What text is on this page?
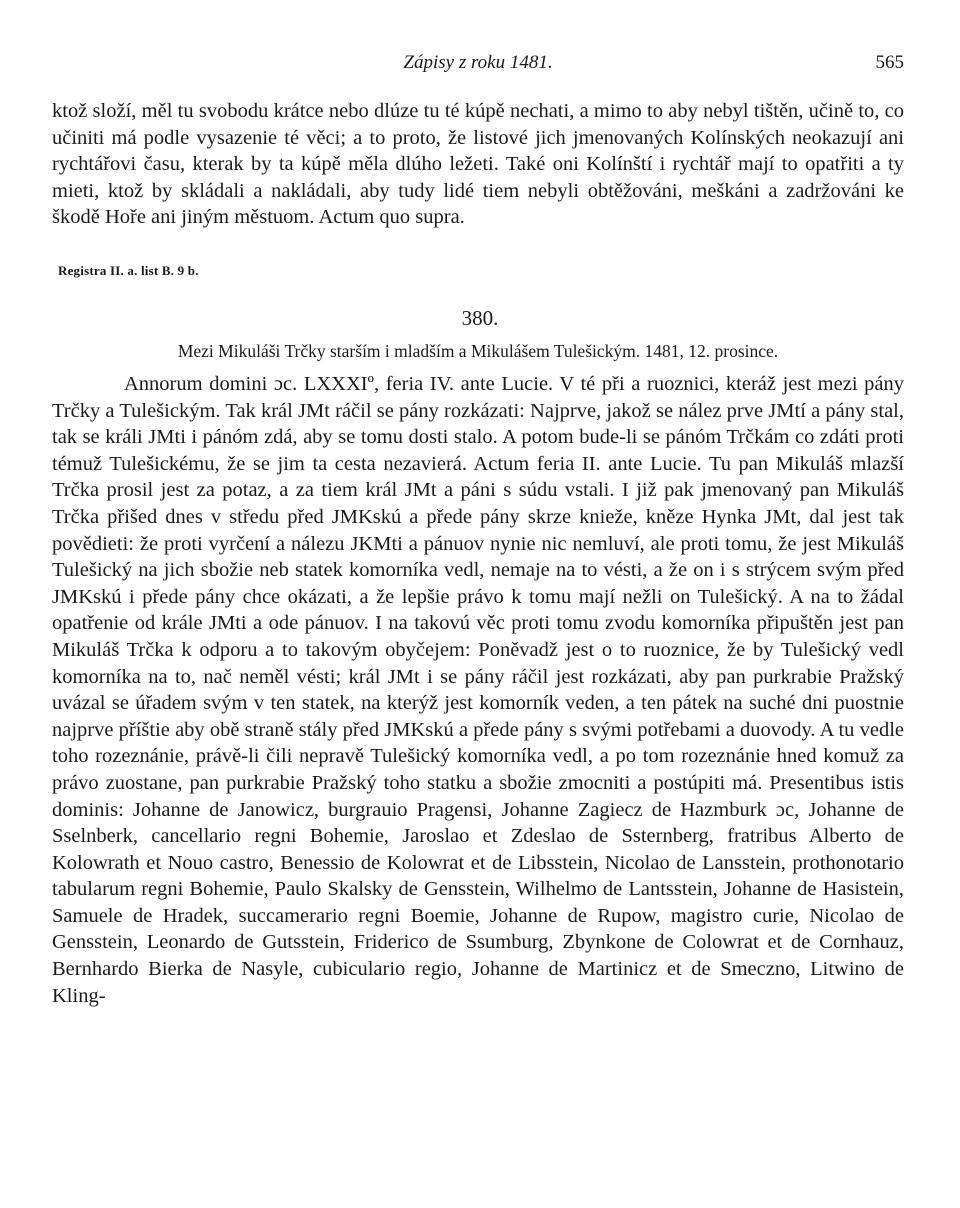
Zápisy z roku 1481.	565

ktož složí, měl tu svobodu krátce nebo dlúze tu té kúpě nechati, a mimo to aby nebyl tištěn, učině to, co učiniti má podle vysazenie té věci; a to proto, že listové jich jmenovaných Kolínských neokazují ani rychtářovi času, kterak by ta kúpě měla dlúho ležeti. Také oni Kolínští i rychtář mají to opatřiti a ty mieti, ktož by skládali a nakládali, aby tudy lidé tiem nebyli obtěžováni, meškáni a zadržováni ke škodě Hoře ani jiným městuom. Actum quo supra.

Registra II. a. list B. 9 b.
380.
Mezi Mikuláši Trčky starším i mladším a Mikulášem Tulešickým. 1481, 12. prosince.

Annorum domini ɔc. LXXXIº, feria IV. ante Lucie. V té při a ruoznici, kteráž jest mezi pány Trčky a Tulešickým. Tak král JMt ráčil se pány rozkázati: Najprve, jakož se nález prve JMtí a pány stal, tak se králi JMti i pánóm zdá, aby se tomu dosti stalo. A potom bude-li se pánóm Trčkám co zdáti proti témuž Tulešickému, že se jim ta cesta nezavierá. Actum feria II. ante Lucie. Tu pan Mikuláš mlazší Trčka prosil jest za potaz, a za tiem král JMt a páni s súdu vstali. I již pak jmenovaný pan Mikuláš Trčka přišed dnes v středu před JMKskú a přede pány skrze knieže, kněze Hynka JMt, dal jest tak povědieti: že proti vyrčení a nálezu JKMti a pánuov nynie nic nemluví, ale proti tomu, že jest Mikuláš Tulešický na jich sbožie neb statek komorníka vedl, nemaje na to vésti, a že on i s strýcem svým před JMKskú i přede pány chce okázati, a že lepšie právo k tomu mají nežli on Tulešický. A na to žádal opatřenie od krále JMti a ode pánuov. I na takovú věc proti tomu zvodu komorníka připuštěn jest pan Mikuláš Trčka k odporu a to takovým obyčejem: Poněvadž jest o to ruoznice, že by Tulešický vedl komorníka na to, nač neměl vésti; král JMt i se pány ráčil jest rozkázati, aby pan purkrabie Pražský uvázal se úřadem svým v ten statek, na kterýž jest komorník veden, a ten pátek na suché dni puostnie najprve příštie aby obě straně stály před JMKskú a přede pány s svými potřebami a duovody. A tu vedle toho rozeznánie, právě-li čili nepravě Tulešický komorníka vedl, a po tom rozeznánie hned komuž za právo zuostane, pan purkrabie Pražský toho statku a sbožie zmocniti a postúpiti má. Presentibus istis dominis: Johanne de Janowicz, burgrauio Pragensi, Johanne Zagiecz de Hazmburk ɔc, Johanne de Sselnberk, cancellario regni Bohemie, Jaroslao et Zdeslao de Ssternberg, fratribus Alberto de Kolowrath et Nouo castro, Benessio de Kolowrat et de Libsstein, Nicolao de Lansstein, prothonotario tabularum regni Bohemie, Paulo Skalsky de Gensstein, Wilhelmo de Lantsstein, Johanne de Hasistein, Samuele de Hradek, succamerario regni Boemie, Johanne de Rupow, magistro curie, Nicolao de Gensstein, Leonardo de Gutsstein, Friderico de Ssumburg, Zbynkone de Colowrat et de Cornhauz, Bernhardo Bierka de Nasyle, cubiculario regio, Johanne de Martinicz et de Smeczno, Litwino de Kling-
